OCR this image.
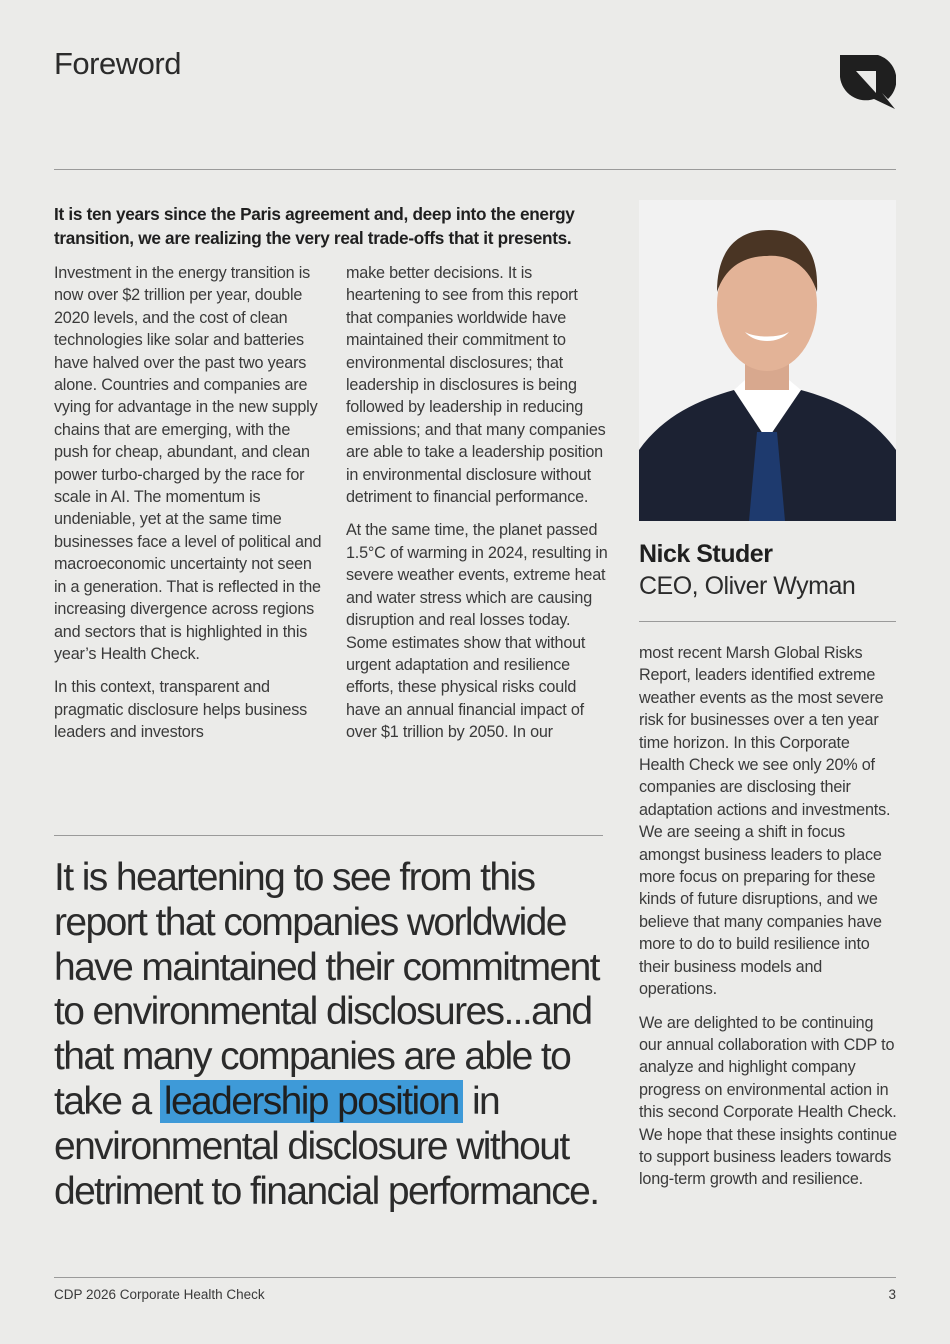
Foreword

It is ten years since the Paris agreement and, deep into the energy transition, we are realizing the very real trade-offs that it presents.

Investment in the energy transition is now over $2 trillion per year, double 2020 levels, and the cost of clean technologies like solar and batteries have halved over the past two years alone. Countries and companies are vying for advantage in the new supply chains that are emerging, with the push for cheap, abundant, and clean power turbo-charged by the race for scale in AI. The momentum is undeniable, yet at the same time businesses face a level of political and macroeconomic uncertainty not seen in a generation. That is reflected in the increasing divergence across regions and sectors that is highlighted in this year’s Health Check.

In this context, transparent and pragmatic disclosure helps business leaders and investors

make better decisions. It is heartening to see from this report that companies worldwide have maintained their commitment to environmental disclosures; that leadership in disclosures is being followed by leadership in reducing emissions; and that many companies are able to take a leadership position in environmental disclosure without detriment to financial performance.

At the same time, the planet passed 1.5°C of warming in 2024, resulting in severe weather events, extreme heat and water stress which are causing disruption and real losses today. Some estimates show that without urgent adaptation and resilience efforts, these physical risks could have an annual financial impact of over $1 trillion by 2050. In our

Nick Studer

CEO, Oliver Wyman

most recent Marsh Global Risks Report, leaders identified extreme weather events as the most severe risk for businesses over a ten year time horizon. In this Corporate Health Check we see only 20% of companies are disclosing their adaptation actions and investments. We are seeing a shift in focus amongst business leaders to place more focus on preparing for these kinds of future disruptions, and we believe that many companies have more to do to build resilience into their business models and operations.

We are delighted to be continuing our annual collaboration with CDP to analyze and highlight company progress on environmental action in this second Corporate Health Check. We hope that these insights continue to support business leaders towards long-term growth and resilience.

It is heartening to see from this report that companies worldwide have maintained their commitment to environmental disclosures...and that many companies are able to take a leadership position in environmental disclosure without detriment to financial performance.

CDP 2026 Corporate Health Check	3
